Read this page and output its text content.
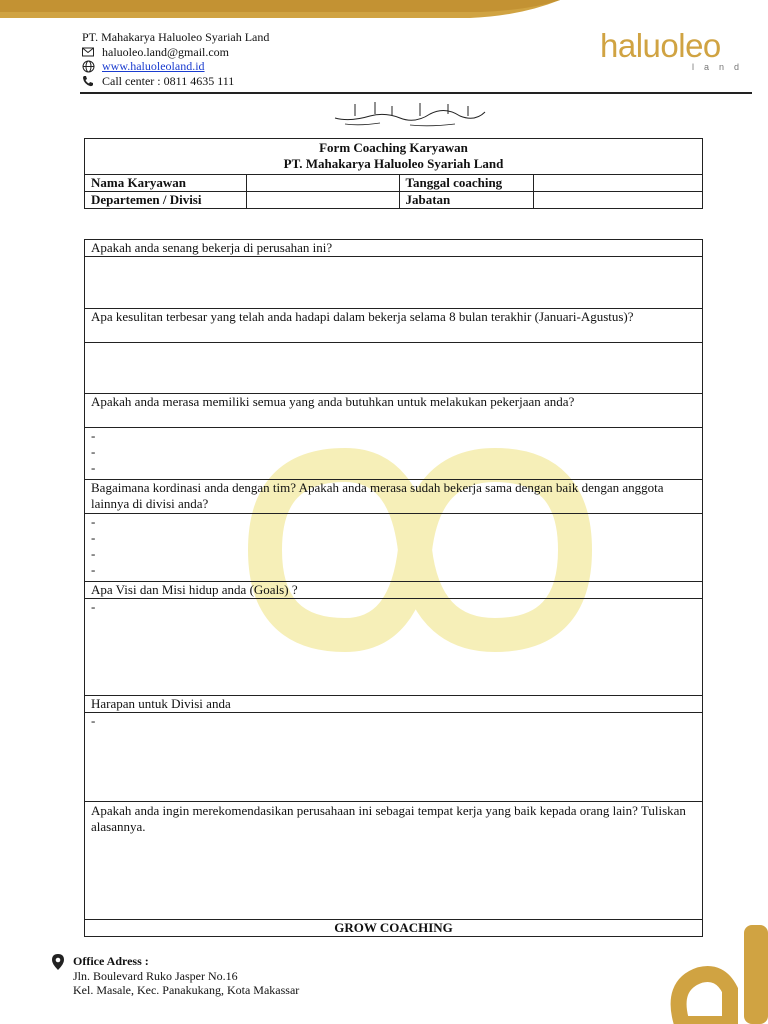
PT. Mahakarya Haluoleo Syariah Land
haluoleo.land@gmail.com
www.haluoleoland.id
Call center : 0811 4635 111
haluoleo
land
Form Coaching Karyawan
PT. Mahakarya Haluoleo Syariah Land			

Nama Karyawan		Tanggal coaching	
Departemen / Divisi		Jabatan	
Apakah anda senang bekerja di perusahan ini?

Apa kesulitan terbesar yang telah anda hadapi dalam bekerja selama 8 bulan terakhir (Januari-Agustus)?

Apakah anda merasa memiliki semua yang anda butuhkan untuk melakukan pekerjaan anda?

-
-
-

Bagaimana kordinasi anda dengan tim? Apakah anda merasa sudah bekerja sama dengan baik dengan anggota lainnya di divisi anda?

-
-
-
-

Apa Visi dan Misi hidup anda (Goals) ?

-

Harapan untuk Divisi anda

-

Apakah anda ingin merekomendasikan perusahaan ini sebagai tempat kerja yang baik kepada orang lain? Tuliskan alasannya.
GROW COACHING
Office Adress :
Jln. Boulevard Ruko Jasper No.16
Kel. Masale, Kec. Panakukang, Kota Makassar
